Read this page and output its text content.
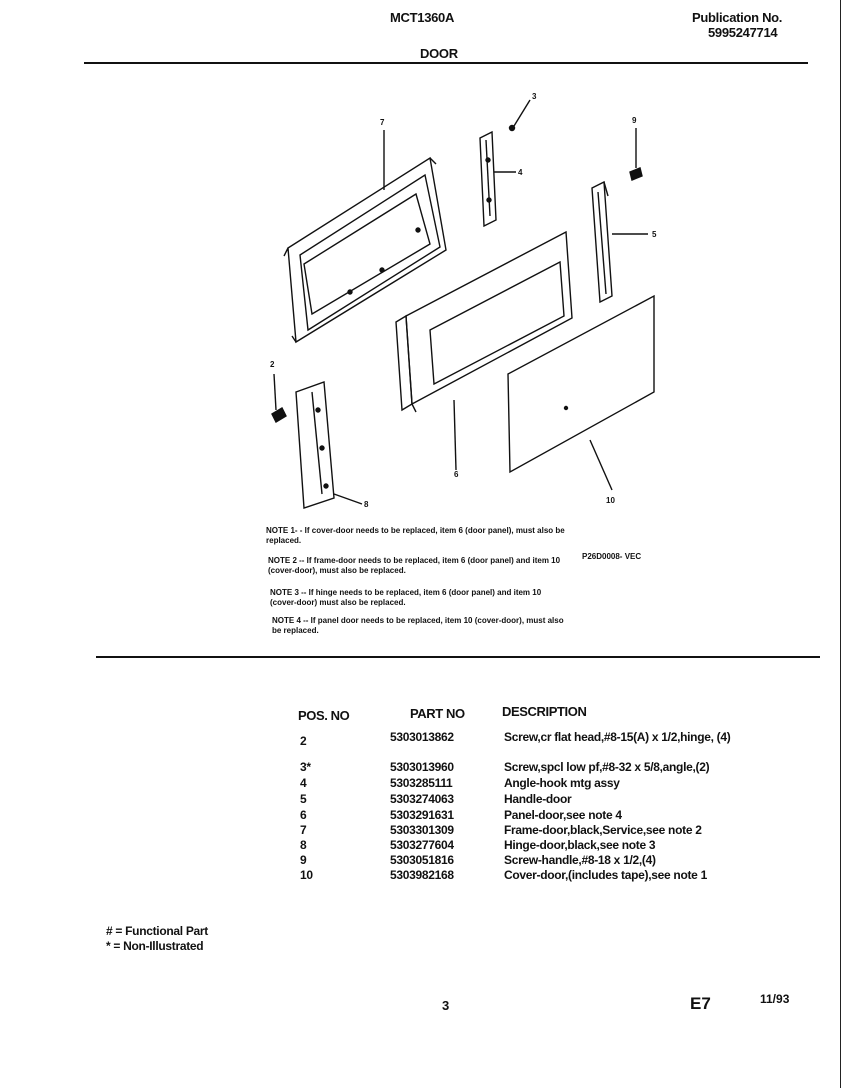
MCT1360A	Publication No.
5995247714
DOOR
3
7	9
4
5
2
6
8	10
P26D0008- VEC
NOTE 1- - If cover-door needs to be replaced, item 6 (door panel), must also be replaced.
NOTE 2 -- If frame-door needs to be replaced, item 6 (door panel) and item 10 (cover-door), must also be replaced.
NOTE 3 -- If hinge needs to be replaced, item 6 (door panel) and item 10 (cover-door) must also be replaced.
NOTE 4 -- If panel door needs to be replaced, item 10 (cover-door), must also be replaced.
POS. NO	PART NO	DESCRIPTION
2	5303013862	Screw,cr flat head,#8-15(A) x 1/2,hinge, (4)
3*	5303013960	Screw,spcl low pf,#8-32 x 5/8,angle,(2)
4	5303285111	Angle-hook mtg assy
5	5303274063	Handle-door
6	5303291631	Panel-door,see note 4
7	5303301309	Frame-door,black,Service,see note 2
8	5303277604	Hinge-door,black,see note 3
9	5303051816	Screw-handle,#8-18 x 1/2,(4)
10	5303982168	Cover-door,(includes tape),see note 1
# = Functional Part
* = Non-Illustrated
3	E7	11/93
